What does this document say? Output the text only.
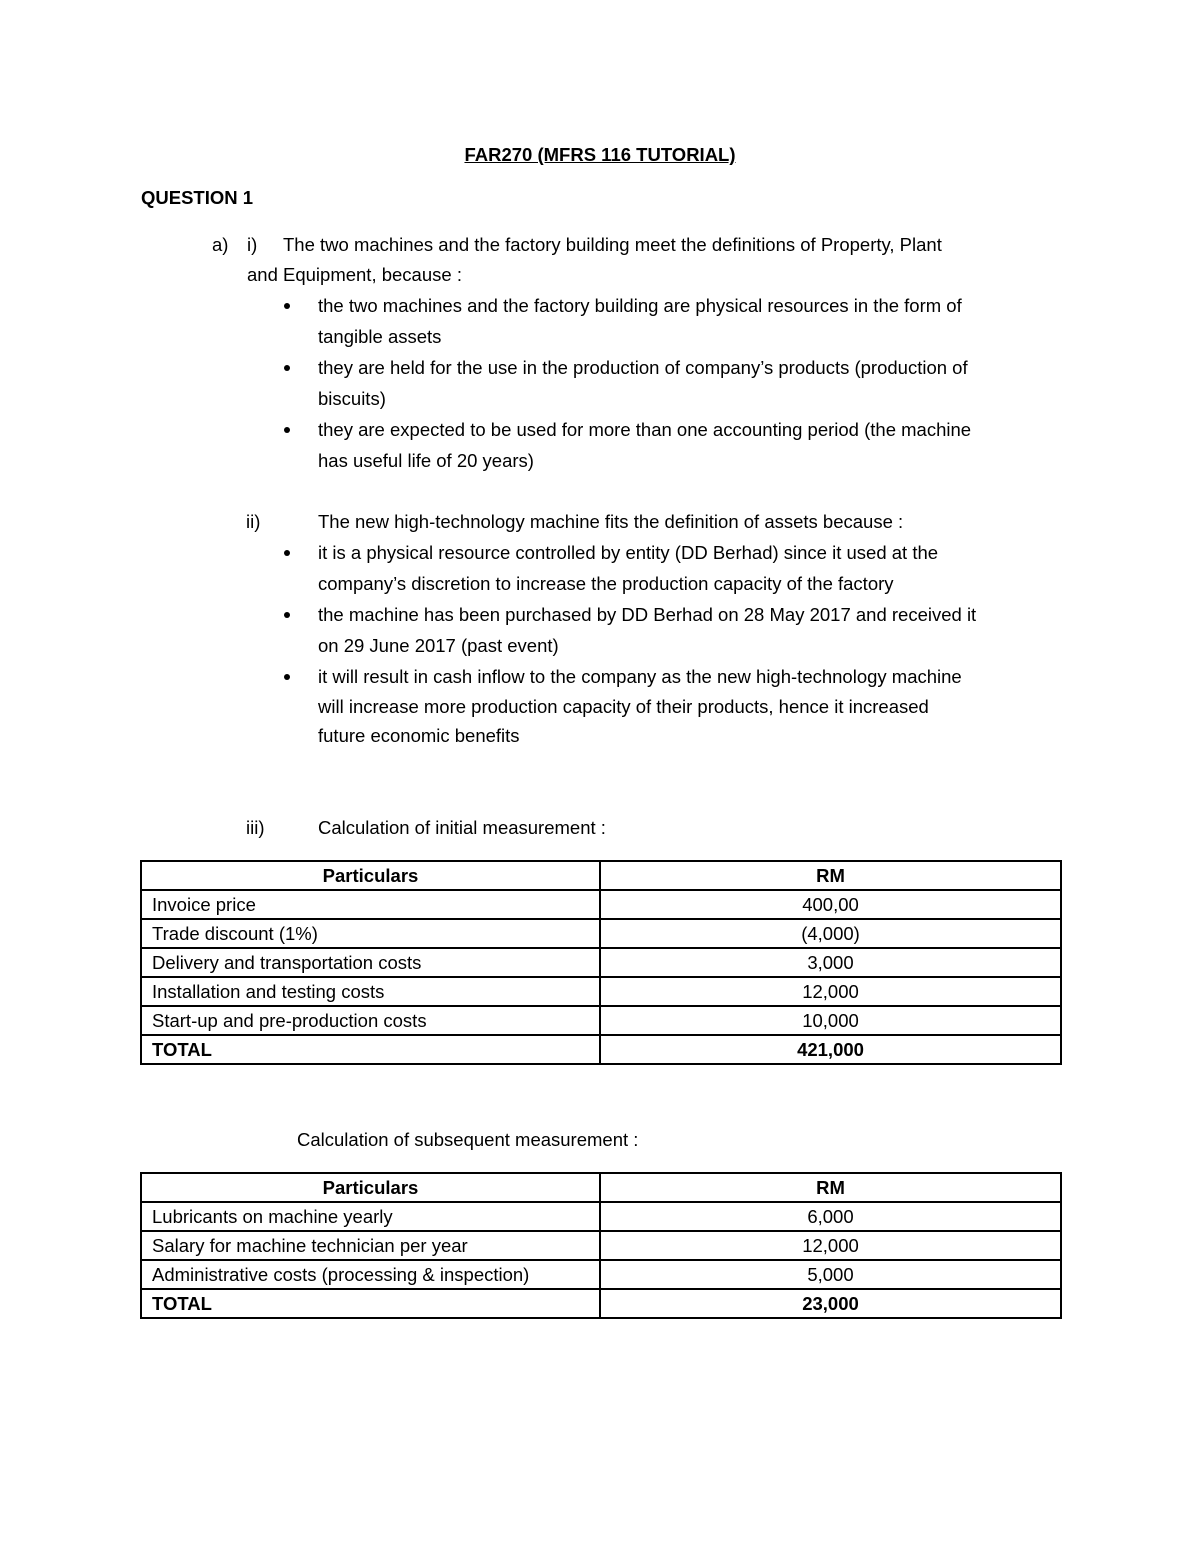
FAR270 (MFRS 116 TUTORIAL)
QUESTION 1
a) i) The two machines and the factory building meet the definitions of Property, Plant
and Equipment, because :
the two machines and the factory building are physical resources in the form of
tangible assets
they are held for the use in the production of company’s products (production of
biscuits)
they are expected to be used for more than one accounting period (the machine
has useful life of 20 years)
ii)	The new high-technology machine fits the definition of assets because :
it is a physical resource controlled by entity (DD Berhad) since it used at the
company’s discretion to increase the production capacity of the factory
the machine has been purchased by DD Berhad on 28 May 2017 and received it
on 29 June 2017 (past event)
it will result in cash inflow to the company as the new high-technology machine
will increase more production capacity of their products, hence it increased
future economic benefits
iii)	Calculation of initial measurement :
Particulars	RM
Invoice price	400,00
Trade discount (1%)	(4,000)
Delivery and transportation costs	3,000
Installation and testing costs	12,000
Start-up and pre-production costs	10,000
TOTAL	421,000
Calculation of subsequent measurement :
Particulars	RM
Lubricants on machine yearly	6,000
Salary for machine technician per year	12,000
Administrative costs (processing & inspection)	5,000
TOTAL	23,000
